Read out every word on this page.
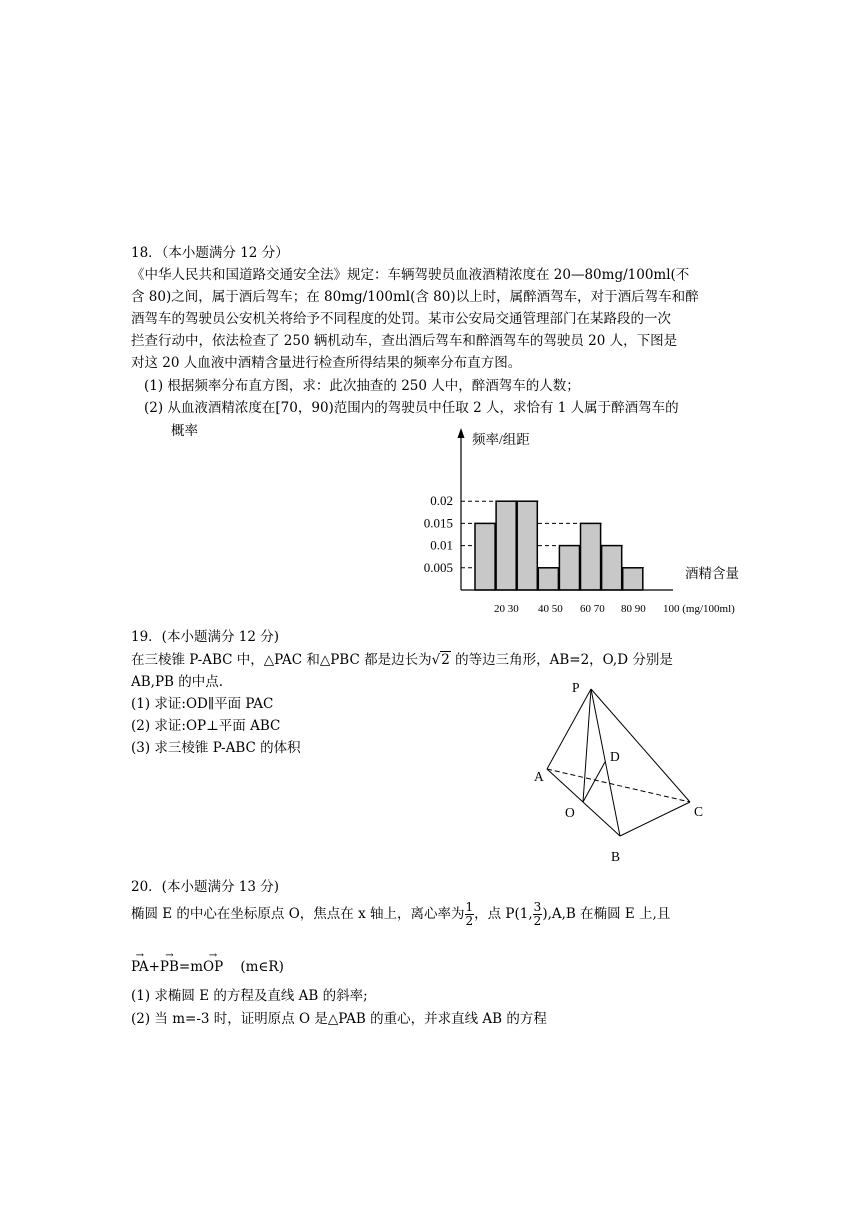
18．（本小题满分 12 分）
《中华人民共和国道路交通安全法》规定：车辆驾驶员血液酒精浓度在 20—80mg/100ml(不
含 80)之间，属于酒后驾车；在 80mg/100ml(含 80)以上时，属醉酒驾车，对于酒后驾车和醉
酒驾车的驾驶员公安机关将给予不同程度的处罚。某市公安局交通管理部门在某路段的一次
拦查行动中，依法检查了 250 辆机动车，查出酒后驾车和醉酒驾车的驾驶员 20 人，下图是
对这 20 人血液中酒精含量进行检查所得结果的频率分布直方图。
(1) 根据频率分布直方图，求：此次抽查的 250 人中，醉酒驾车的人数；
(2) 从血液酒精浓度在[70，90)范围内的驾驶员中任取 2 人，求恰有 1 人属于醉酒驾车的
概率
频率/组距
酒精含量
0.02
0.015
0.01
0.005
20 30 40 50 60 70 80 90 100 (mg/100ml)
19．(本小题满分 12 分)
在三棱锥 P-ABC 中，△PAC 和△PBC 都是边长为√2 的等边三角形，AB=2，O,D 分别是
AB,PB 的中点.
(1) 求证:OD∥平面 PAC
(2) 求证:OP⊥平面 ABC
(3) 求三棱锥 P-ABC 的体积
P
D
A
O	C
B
20．(本小题满分 13 分)
椭圆 E 的中心在坐标原点 O，焦点在 x 轴上，离心率为 $\frac{1}{2}$ ，点 P(1, $\frac{3}{2} ),A,B$ 在椭圆 E 上,且
→ PA+→ PB=m→ OP    (m∈R)
(1) 求椭圆 E 的方程及直线 AB 的斜率;
(2) 当 m=-3 时，证明原点 O 是△PAB 的重心，并求直线 AB 的方程
